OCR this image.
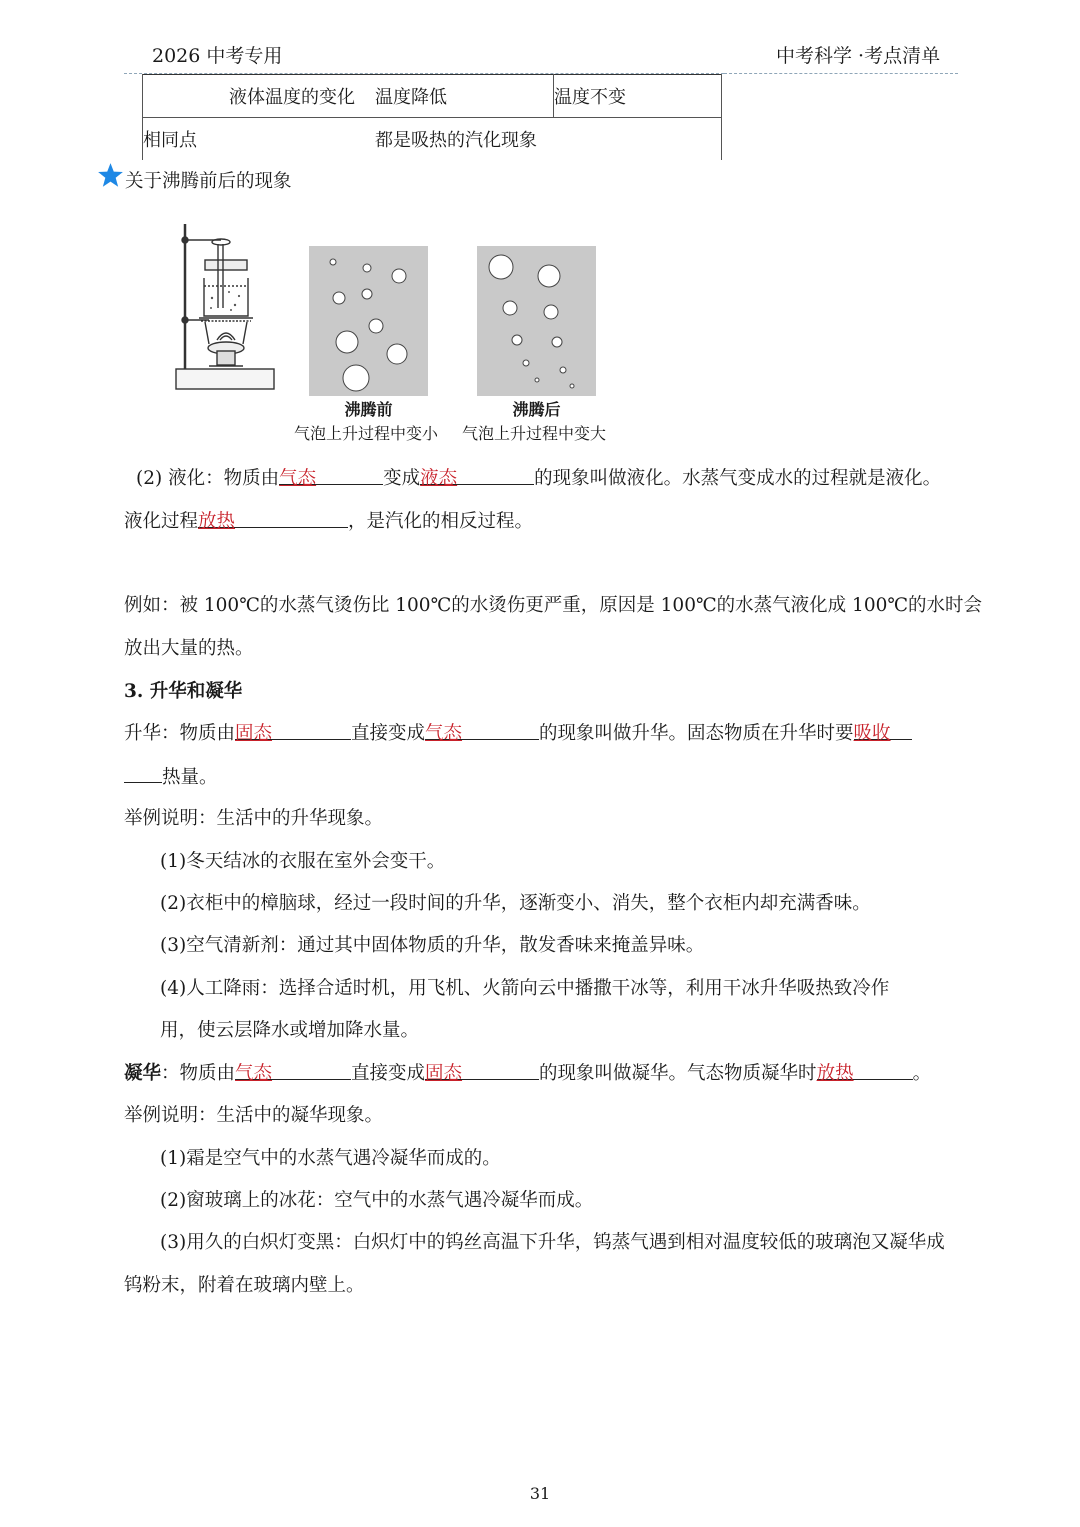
2026 中考专用	中考科学 ·考点清单
	液体温度的变化	温度降低	温度不变
相同点		都是吸热的汽化现象	
关于沸腾前后的现象
沸腾前
气泡上升过程中变小
沸腾后
气泡上升过程中变大
(2) 液化：物质由气态	变成液态	的现象叫做液化。水蒸气变成水的过程就是液化。
液化过程放热	，是汽化的相反过程。
例如：被 100℃的水蒸气烫伤比 100℃的水烫伤更严重，原因是 100℃的水蒸气液化成 100℃的水时会
放出大量的热。
3. 升华和凝华
升华：物质由固态	直接变成气态	的现象叫做升华。固态物质在升华时要吸收
热量。
举例说明：生活中的升华现象。
(1)冬天结冰的衣服在室外会变干。
(2)衣柜中的樟脑球，经过一段时间的升华，逐渐变小、消失，整个衣柜内却充满香味。
(3)空气清新剂：通过其中固体物质的升华，散发香味来掩盖异味。
(4)人工降雨：选择合适时机，用飞机、火箭向云中播撒干冰等，利用干冰升华吸热致冷作
用，使云层降水或增加降水量。
凝华：物质由气态	直接变成固态	的现象叫做凝华。气态物质凝华时放热	。
举例说明：生活中的凝华现象。
(1)霜是空气中的水蒸气遇冷凝华而成的。
(2)窗玻璃上的冰花：空气中的水蒸气遇冷凝华而成。
(3)用久的白炽灯变黑：白炽灯中的钨丝高温下升华，钨蒸气遇到相对温度较低的玻璃泡又凝华成
钨粉末，附着在玻璃内壁上。
31
